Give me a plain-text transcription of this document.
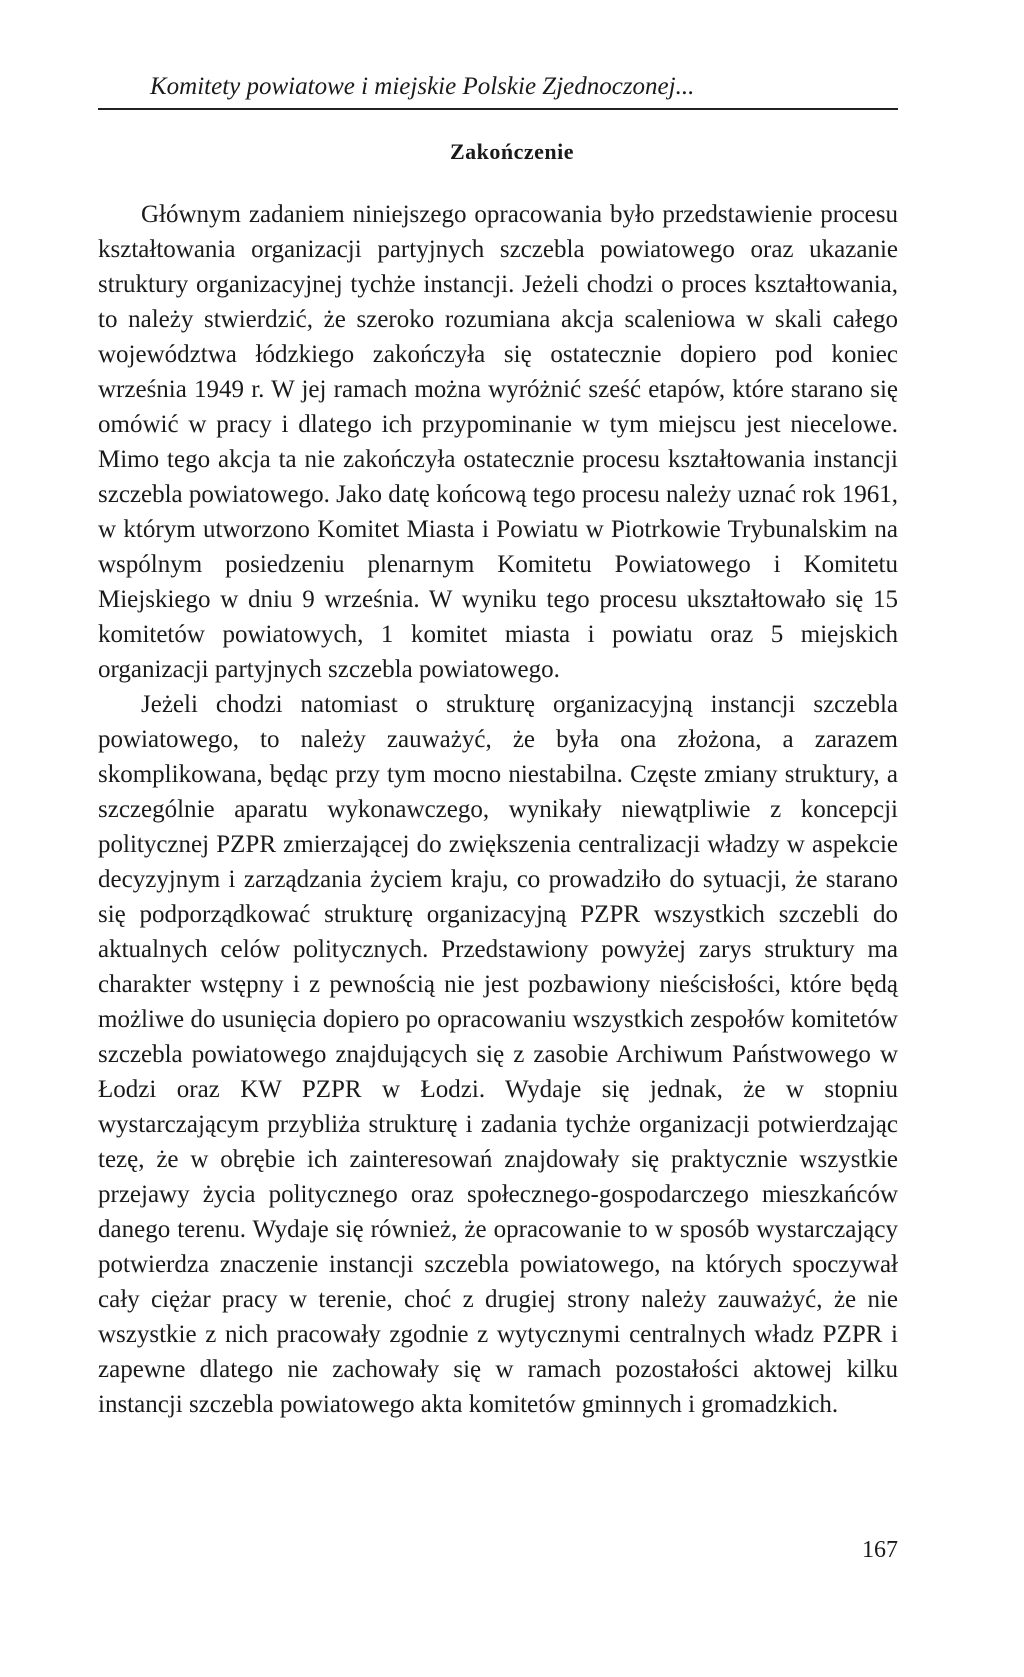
Komitety powiatowe i miejskie Polskie Zjednoczonej...
Zakończenie

Głównym zadaniem niniejszego opracowania było przedstawienie procesu kształtowania organizacji partyjnych szczebla powiatowego oraz ukazanie struktury organizacyjnej tychże instancji. Jeżeli chodzi o proces kształtowania, to należy stwierdzić, że szeroko rozumiana akcja scaleniowa w skali całego województwa łódzkiego zakończyła się ostatecznie dopiero pod koniec września 1949 r. W jej ramach można wyróżnić sześć etapów, które starano się omówić w pracy i dlatego ich przypominanie w tym miejscu jest niecelowe. Mimo tego akcja ta nie zakończyła ostatecznie procesu kształtowania instancji szczebla powiatowego. Jako datę końcową tego procesu należy uznać rok 1961, w którym utworzono Komitet Miasta i Powiatu w Piotrkowie Trybunalskim na wspólnym posiedzeniu plenarnym Komitetu Powiatowego i Komitetu Miejskiego w dniu 9 września. W wyniku tego procesu ukształtowało się 15 komitetów powiatowych, 1 komitet miasta i powiatu oraz 5 miejskich organizacji partyjnych szczebla powiatowego.

Jeżeli chodzi natomiast o strukturę organizacyjną instancji szczebla powiatowego, to należy zauważyć, że była ona złożona, a zarazem skomplikowana, będąc przy tym mocno niestabilna. Częste zmiany struktury, a szczególnie aparatu wykonawczego, wynikały niewątpliwie z koncepcji politycznej PZPR zmierzającej do zwiększenia centralizacji władzy w aspekcie decyzyjnym i zarządzania życiem kraju, co prowadziło do sytuacji, że starano się podporządkować strukturę organizacyjną PZPR wszystkich szczebli do aktualnych celów politycznych. Przedstawiony powyżej zarys struktury ma charakter wstępny i z pewnością nie jest pozbawiony nieścisłości, które będą możliwe do usunięcia dopiero po opracowaniu wszystkich zespołów komitetów szczebla powiatowego znajdujących się z zasobie Archiwum Państwowego w Łodzi oraz KW PZPR w Łodzi. Wydaje się jednak, że w stopniu wystarczającym przybliża strukturę i zadania tychże organizacji potwierdzając tezę, że w obrębie ich zainteresowań znajdowały się praktycznie wszystkie przejawy życia politycznego oraz społecznego-gospodarczego mieszkańców danego terenu. Wydaje się również, że opracowanie to w sposób wystarczający potwierdza znaczenie instancji szczebla powiatowego, na których spoczywał cały ciężar pracy w terenie, choć z drugiej strony należy zauważyć, że nie wszystkie z nich pracowały zgodnie z wytycznymi centralnych władz PZPR i zapewne dlatego nie zachowały się w ramach pozostałości aktowej kilku instancji szczebla powiatowego akta komitetów gminnych i gromadzkich.

167
